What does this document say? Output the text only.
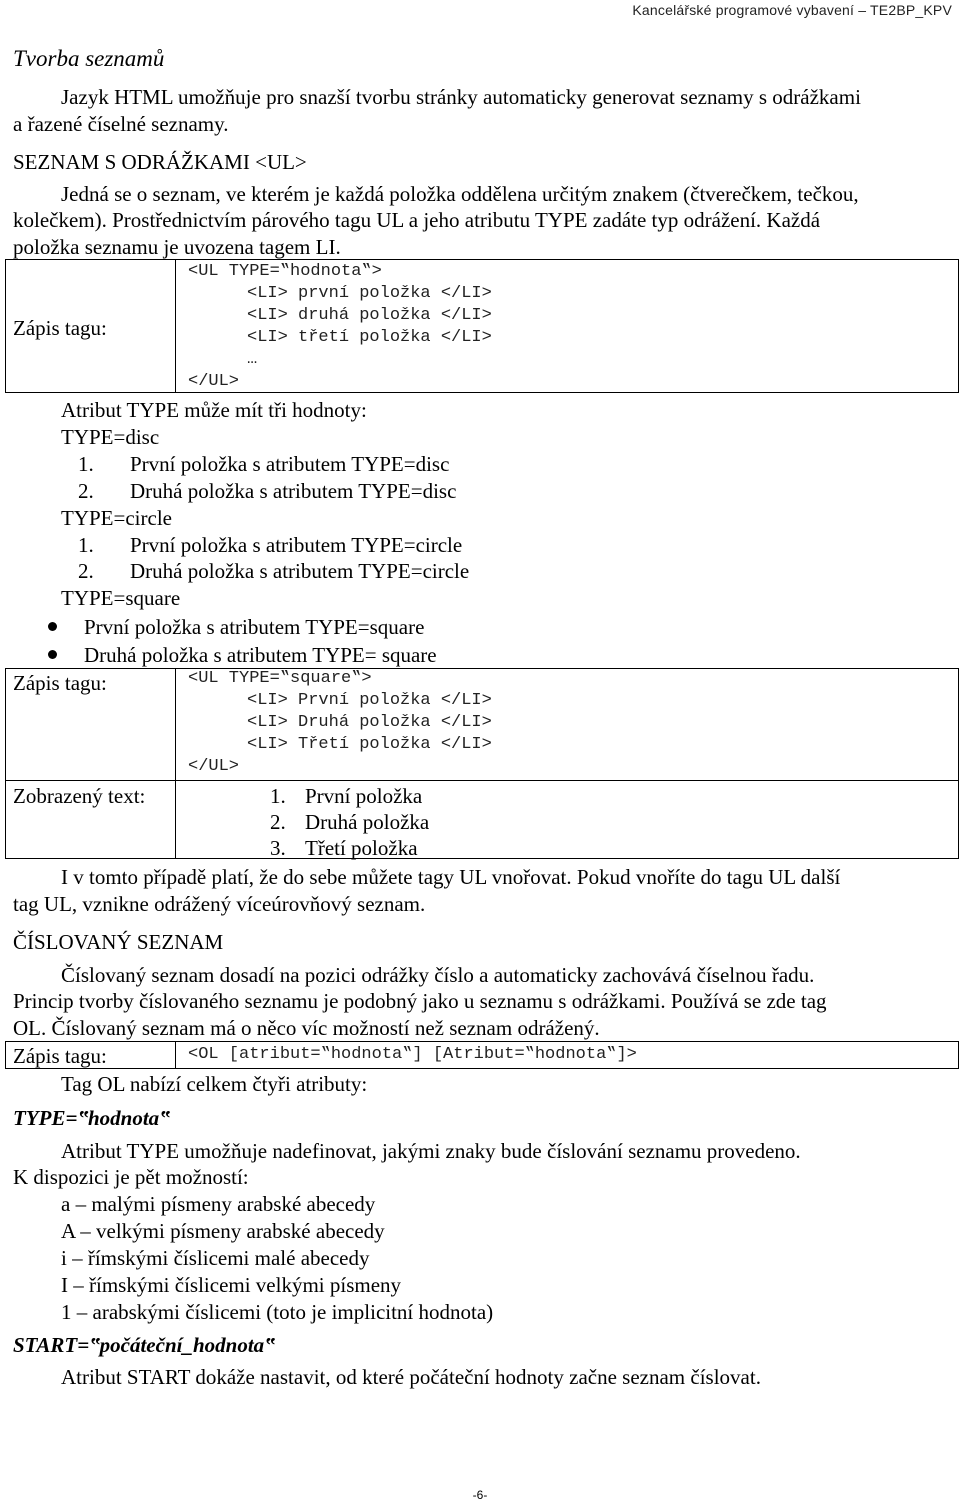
Kancelářské programové vybavení – TE2BP_KPV
Tvorba seznamů
Jazyk HTML umožňuje pro snazší tvorbu stránky automaticky generovat seznamy s odrážkami
a řazené číselné seznamy.
SEZNAM S ODRÁŽKAMI <UL>
Jedná se o seznam, ve kterém je každá položka oddělena určitým znakem (čtverečkem, tečkou,
kolečkem). Prostřednictvím párového tagu UL a jeho atributu TYPE zadáte typ odrážení. Každá
položka seznamu je uvozena tagem LI.
Zápis tagu:
<UL TYPE=‟hodnota‟>
<LI> první položka </LI>
<LI> druhá položka </LI>
<LI> třetí položka </LI>
…
</UL>
Atribut TYPE může mít tři hodnoty:
TYPE=disc
1. První položka s atributem TYPE=disc
2. Druhá položka s atributem TYPE=disc
TYPE=circle
1. První položka s atributem TYPE=circle
2. Druhá položka s atributem TYPE=circle
TYPE=square
První položka s atributem TYPE=square
Druhá položka s atributem TYPE= square
Zápis tagu:	<UL TYPE=‟square‟>
<LI> První položka </LI>
<LI> Druhá položka </LI>
<LI> Třetí položka </LI>
</UL>
Zobrazený text:	1. První položka
2. Druhá položka
3. Třetí položka
I v tomto případě platí, že do sebe můžete tagy UL vnořovat. Pokud vnoříte do tagu UL další
tag UL, vznikne odrážený víceúrovňový seznam.
ČÍSLOVANÝ SEZNAM
Číslovaný seznam dosadí na pozici odrážky číslo a automaticky zachovává číselnou řadu.
Princip tvorby číslovaného seznamu je podobný jako u seznamu s odrážkami. Používá se zde tag
OL. Číslovaný seznam má o něco víc možností než seznam odrážený.
Zápis tagu:	<OL [atribut=‟hodnota‟] [Atribut=‟hodnota‟]>
Tag OL nabízí celkem čtyři atributy:
TYPE=‟hodnota‟
Atribut TYPE umožňuje nadefinovat, jakými znaky bude číslování seznamu provedeno.
K dispozici je pět možností:
a – malými písmeny arabské abecedy
A – velkými písmeny arabské abecedy
i – římskými číslicemi malé abecedy
I – římskými číslicemi velkými písmeny
1 – arabskými číslicemi (toto je implicitní hodnota)
START=‟počáteční_hodnota‟
Atribut START dokáže nastavit, od které počáteční hodnoty začne seznam číslovat.
-6-
